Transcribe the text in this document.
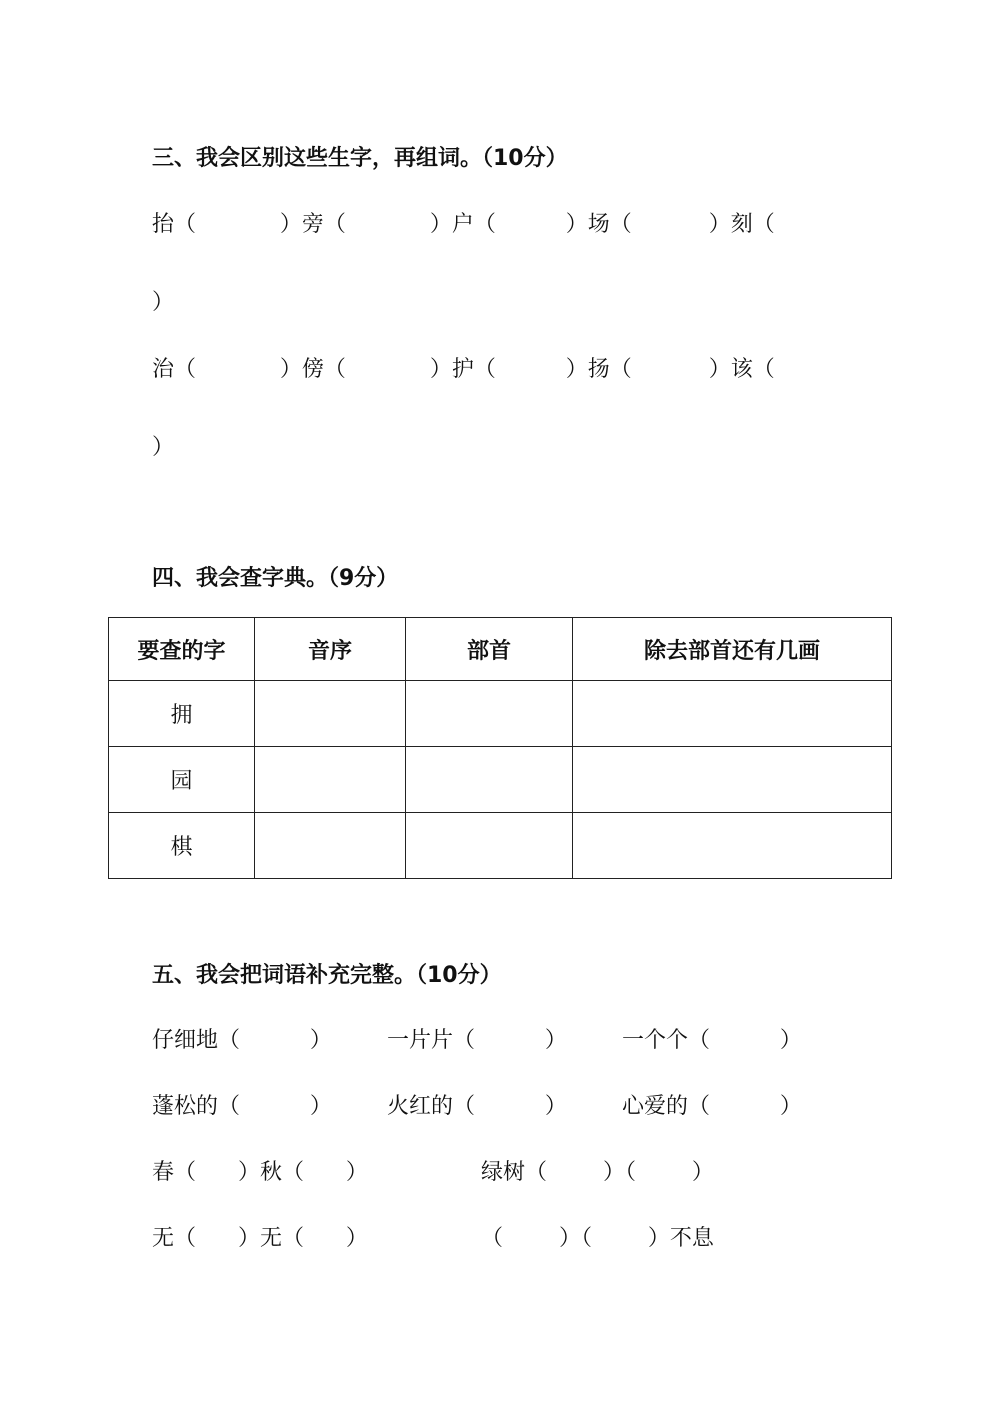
三、我会区别这些生字，再组词。（10分）
抬（            ）旁（            ）户（          ）场（           ）刻（
）
治（            ）傍（            ）护（          ）扬（           ）该（
）
四、我会查字典。（9分）
要查的字	音序	部首	除去部首还有几画
拥			
园			
棋			
五、我会把词语补充完整。（10分）
仔细地（          ）	一片片（          ）	一个个（          ）
蓬松的（          ）	火红的（          ）	心爱的（          ）
春（      ）秋（      ）	绿树（        ）（        ）
无（      ）无（      ）	（        ）（        ）不息
